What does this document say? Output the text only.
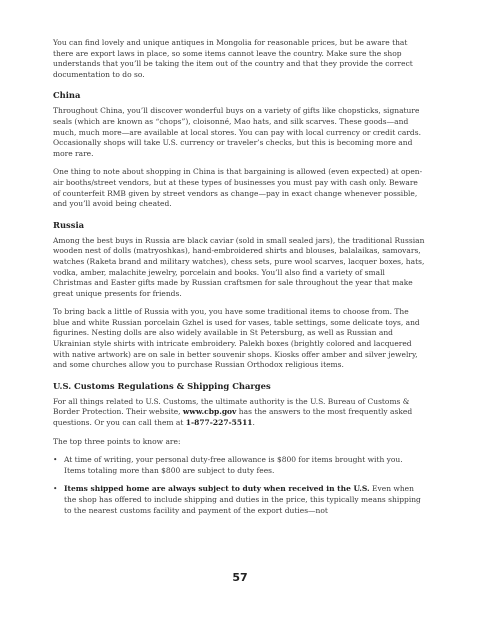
You can find lovely and unique antiques in Mongolia for reasonable prices, but be aware that there are export laws in place, so some items cannot leave the country. Make sure the shop understands that you’ll be taking the item out of the country and that they provide the correct documentation to do so.

China

Throughout China, you’ll discover wonderful buys on a variety of gifts like chopsticks, signature seals (which are known as “chops”), cloisonné, Mao hats, and silk scarves. These goods—and much, much more—are available at local stores. You can pay with local currency or credit cards. Occasionally shops will take U.S. currency or traveler’s checks, but this is becoming more and more rare.

One thing to note about shopping in China is that bargaining is allowed (even expected) at open-air booths/street vendors, but at these types of businesses you must pay with cash only. Beware of counterfeit RMB given by street vendors as change—pay in exact change whenever possible, and you’ll avoid being cheated.

Russia

Among the best buys in Russia are black caviar (sold in small sealed jars), the traditional Russian wooden nest of dolls (matryoshkas), hand-embroidered shirts and blouses, balalaikas, samovars, watches (Raketa brand and military watches), chess sets, pure wool scarves, lacquer boxes, hats, vodka, amber, malachite jewelry, porcelain and books. You’ll also find a variety of small Christmas and Easter gifts made by Russian craftsmen for sale throughout the year that make great unique presents for friends.

To bring back a little of Russia with you, you have some traditional items to choose from. The blue and white Russian porcelain Gzhel is used for vases, table settings, some delicate toys, and figurines. Nesting dolls are also widely available in St Petersburg, as well as Russian and Ukrainian style shirts with intricate embroidery. Palekh boxes (brightly colored and lacquered with native artwork) are on sale in better souvenir shops. Kiosks offer amber and silver jewelry, and some churches allow you to purchase Russian Orthodox religious items.

U.S. Customs Regulations & Shipping Charges

For all things related to U.S. Customs, the ultimate authority is the U.S. Bureau of Customs & Border Protection. Their website, www.cbp.gov has the answers to the most frequently asked questions. Or you can call them at 1-877-227-5511.

The top three points to know are:

• At time of writing, your personal duty-free allowance is $800 for items brought with you. Items totaling more than $800 are subject to duty fees.
• Items shipped home are always subject to duty when received in the U.S. Even when the shop has offered to include shipping and duties in the price, this typically means shipping to the nearest customs facility and payment of the export duties—not
57
